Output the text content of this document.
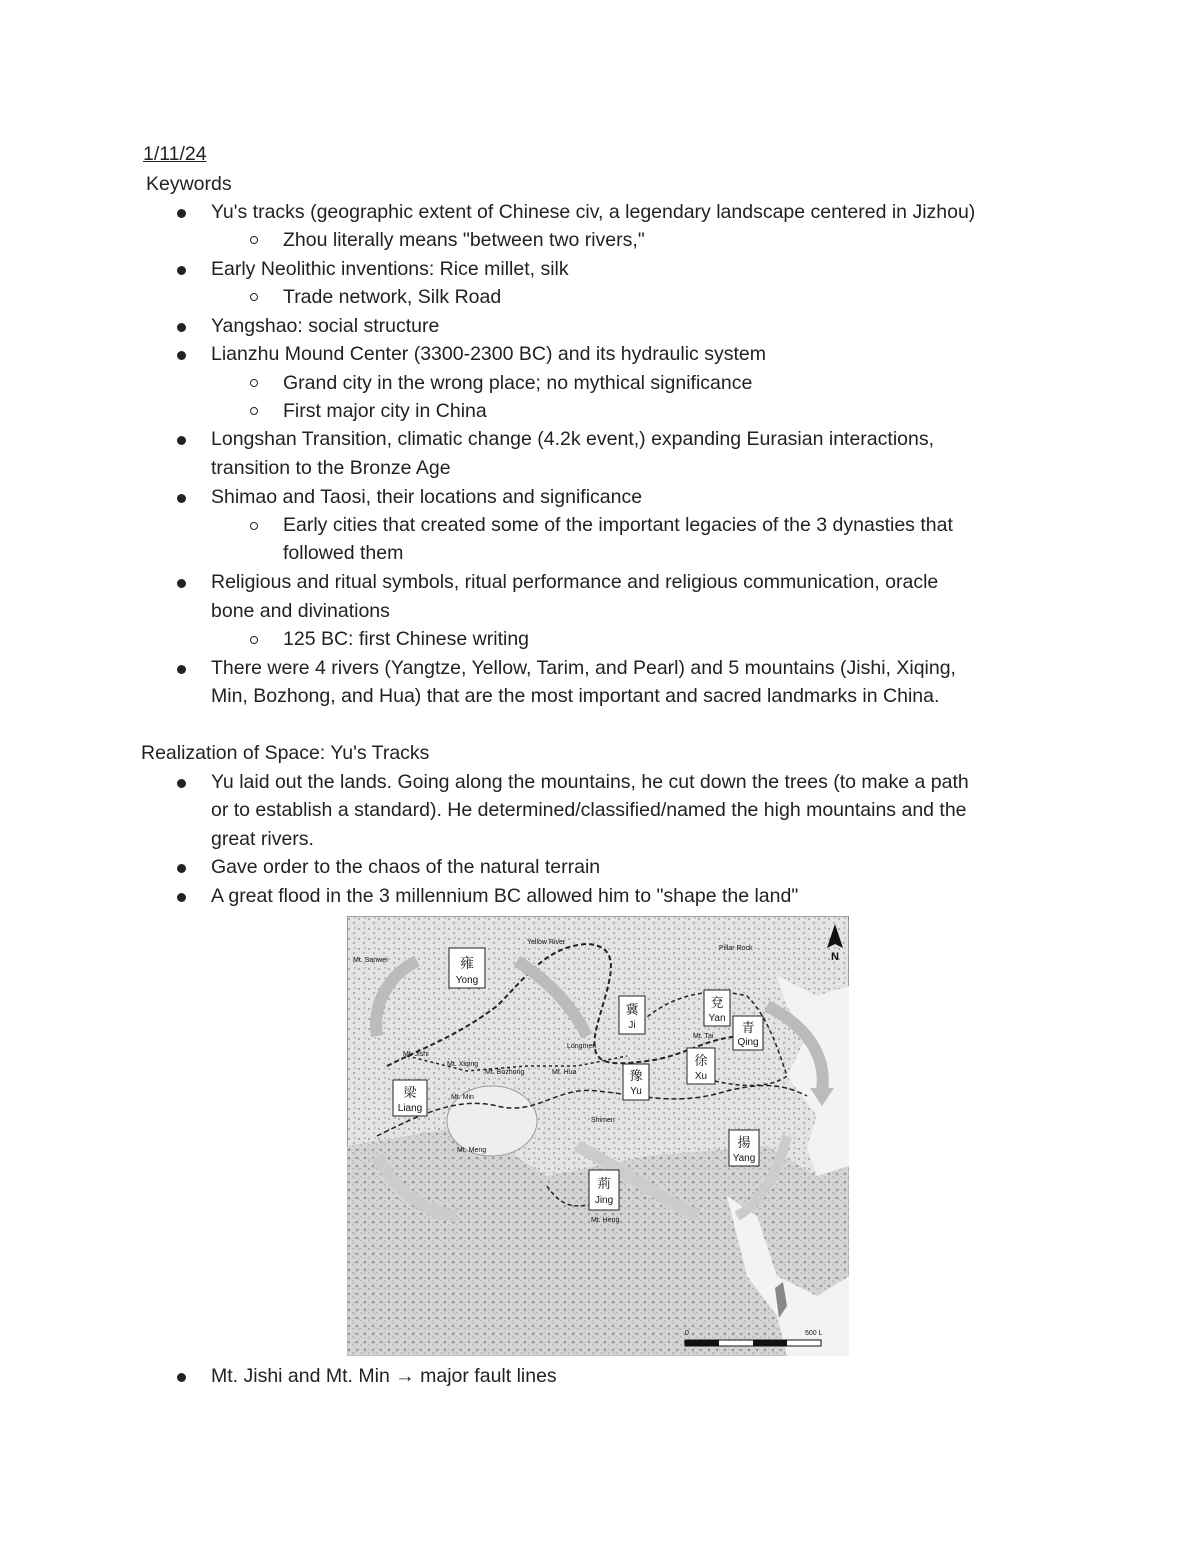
1/11/24
Keywords
Yu's tracks (geographic extent of Chinese civ, a legendary landscape centered in Jizhou)
Zhou literally means "between two rivers,"
Early Neolithic inventions: Rice millet, silk
Trade network, Silk Road
Yangshao: social structure
Lianzhu Mound Center (3300-2300 BC) and its hydraulic system
Grand city in the wrong place; no mythical significance
First major city in China
Longshan Transition, climatic change (4.2k event,) expanding Eurasian interactions,
transition to the Bronze Age
Shimao and Taosi, their locations and significance
Early cities that created some of the important legacies of the 3 dynasties that
followed them
Religious and ritual symbols, ritual performance and religious communication, oracle
bone and divinations
125 BC: first Chinese writing
There were 4 rivers (Yangtze, Yellow, Tarim, and Pearl) and 5 mountains (Jishi, Xiqing,
Min, Bozhong, and Hua) that are the most important and sacred landmarks in China.
Realization of Space: Yu's Tracks
Yu laid out the lands. Going along the mountains, he cut down the trees (to make a path
or to establish a standard). He determined/classified/named the high mountains and the
great rivers.
Gave order to the chaos of the natural terrain
A great flood in the 3 millennium BC allowed him to "shape the land"
N
雍
Yong
冀
Ji
兗
Yan
青
Qing
徐
Xu
豫
Yu
梁
Liang
揚
Yang
荊
Jing
Mt. Sanwei
Yellow River
Pillar Rock
Longmen
Mt. Xiqing
Mt. Jishi
Mt. Bozhong	Mt. Hua
Mt. Min
Mt. Meng
Mt. Heng
Shimen
Mt. Tai
0	500 L
Mt. Jishi and Mt. Min → major fault lines
